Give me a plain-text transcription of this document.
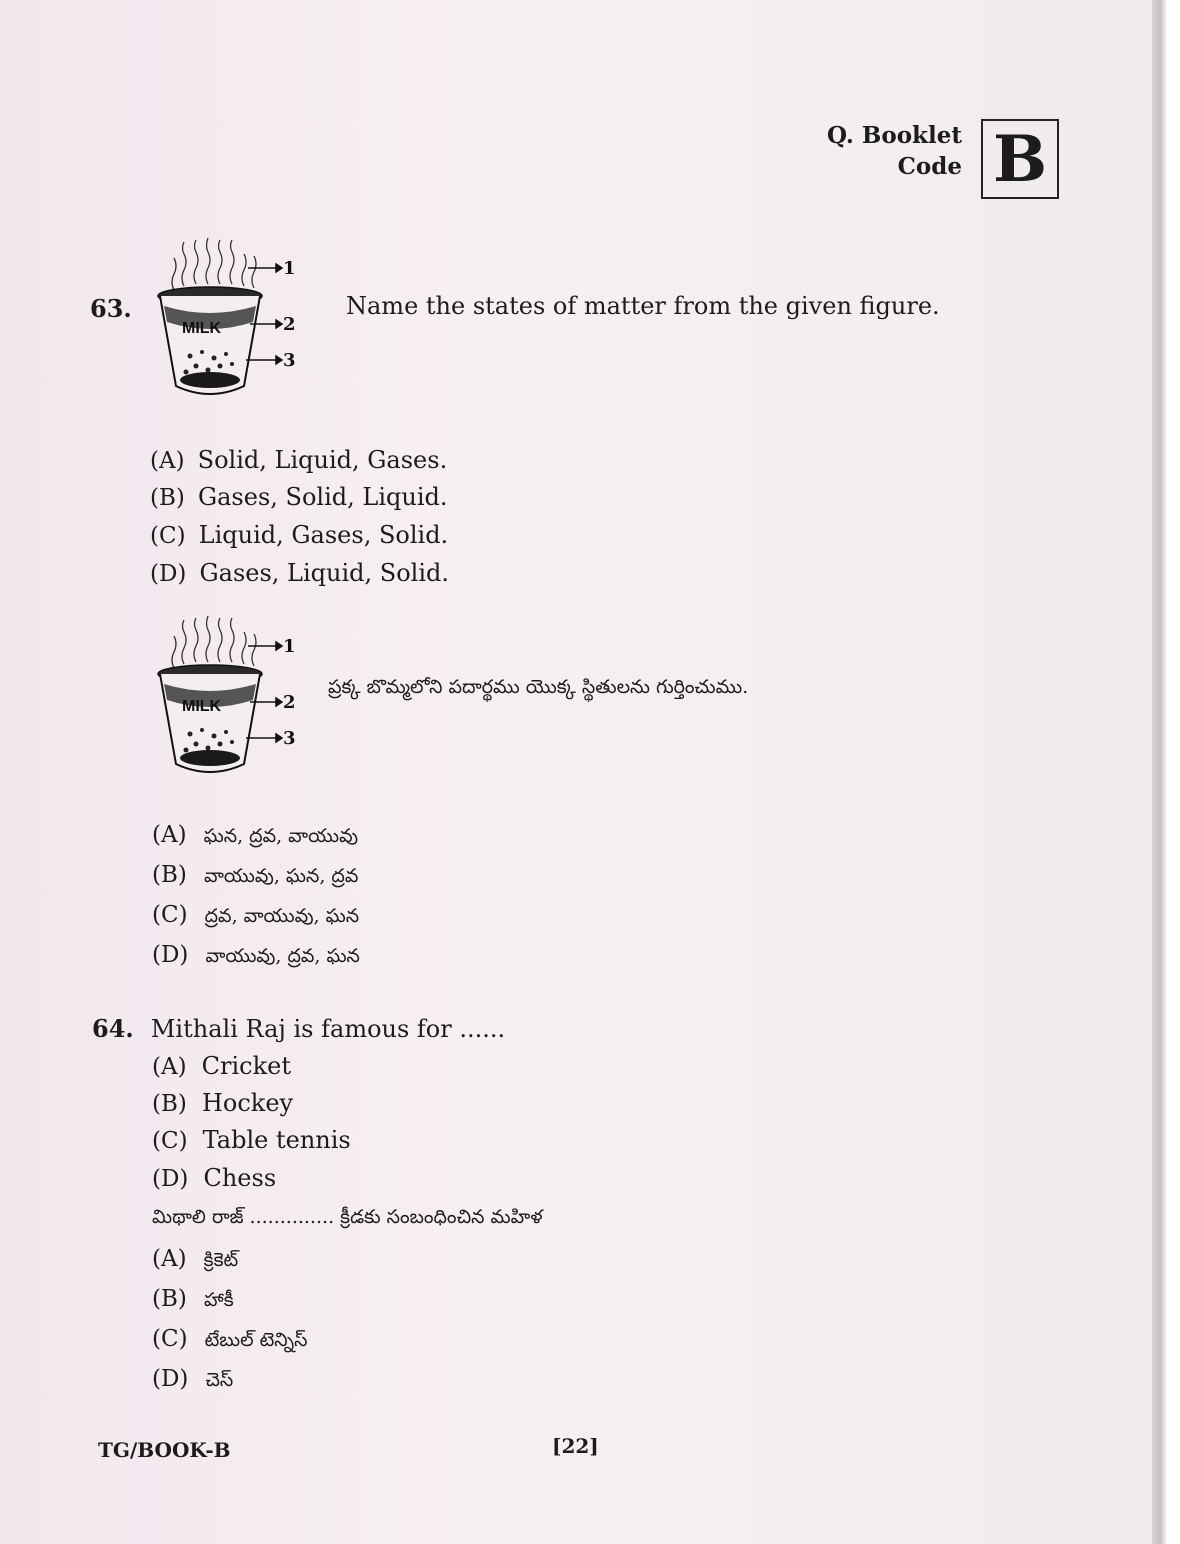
Q. Booklet
Code B
63.
MILK
1
2
3
Name the states of matter from the given figure.
(A) Solid, Liquid, Gases.
(B) Gases, Solid, Liquid.
(C) Liquid, Gases, Solid.
(D) Gases, Liquid, Solid.
MILK
1
2
3
ప్రక్క బొమ్మలోని పదార్థము యొక్క స్థితులను గుర్తించుము.
(A) ఘన, ద్రవ, వాయువు
(B) వాయువు, ఘన, ద్రవ
(C) ద్రవ, వాయువు, ఘన
(D) వాయువు, ద్రవ, ఘన
64. Mithali Raj is famous for ......
(A) Cricket
(B) Hockey
(C) Table tennis
(D) Chess
మిథాలి రాజ్ .............. క్రీడకు సంబంధించిన మహిళ
(A) క్రికెట్
(B) హాకీ
(C) టేబుల్ టెన్నిస్
(D) చెస్
TG/BOOK-B	[22]
